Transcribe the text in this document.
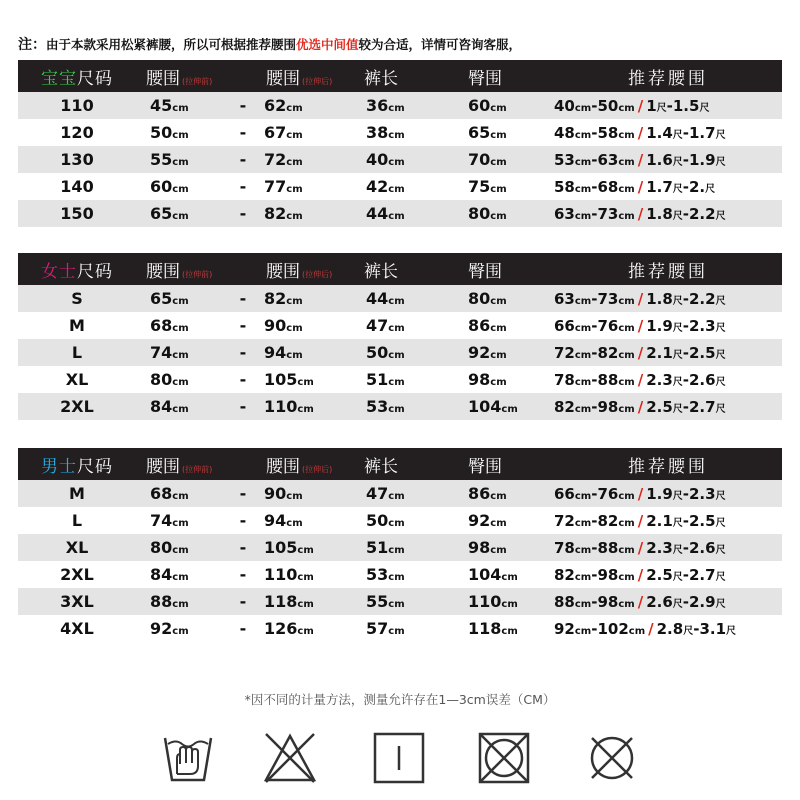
注：由于本款采用松紧裤腰，所以可根据推荐腰围优选中间值较为合适，详情可咨询客服，
宝宝尺码	腰围 (拉伸前)		腰围 (拉伸后)	裤长	臀围	推荐腰围
110	45cm	-	62cm	36cm	60cm	40cm-50cm / 1尺-1.5尺
120	50cm	-	67cm	38cm	65cm	48cm-58cm / 1.4尺-1.7尺
130	55cm	-	72cm	40cm	70cm	53cm-63cm / 1.6尺-1.9尺
140	60cm	-	77cm	42cm	75cm	58cm-68cm / 1.7尺-2.尺
150	65cm	-	82cm	44cm	80cm	63cm-73cm / 1.8尺-2.2尺
女士尺码	腰围 (拉伸前)		腰围 (拉伸后)	裤长	臀围	推荐腰围
S	65cm	-	82cm	44cm	80cm	63cm-73cm / 1.8尺-2.2尺
M	68cm	-	90cm	47cm	86cm	66cm-76cm / 1.9尺-2.3尺
L	74cm	-	94cm	50cm	92cm	72cm-82cm / 2.1尺-2.5尺
XL	80cm	-	105cm	51cm	98cm	78cm-88cm / 2.3尺-2.6尺
2XL	84cm	-	110cm	53cm	104cm	82cm-98cm / 2.5尺-2.7尺
男士尺码	腰围 (拉伸前)		腰围 (拉伸后)	裤长	臀围	推荐腰围
M	68cm	-	90cm	47cm	86cm	66cm-76cm / 1.9尺-2.3尺
L	74cm	-	94cm	50cm	92cm	72cm-82cm / 2.1尺-2.5尺
XL	80cm	-	105cm	51cm	98cm	78cm-88cm / 2.3尺-2.6尺
2XL	84cm	-	110cm	53cm	104cm	82cm-98cm / 2.5尺-2.7尺
3XL	88cm	-	118cm	55cm	110cm	88cm-98cm / 2.6尺-2.9尺
4XL	92cm	-	126cm	57cm	118cm	92cm-102cm / 2.8尺-3.1尺
*因不同的计量方法，测量允许存在1—3cm误差（CM）
